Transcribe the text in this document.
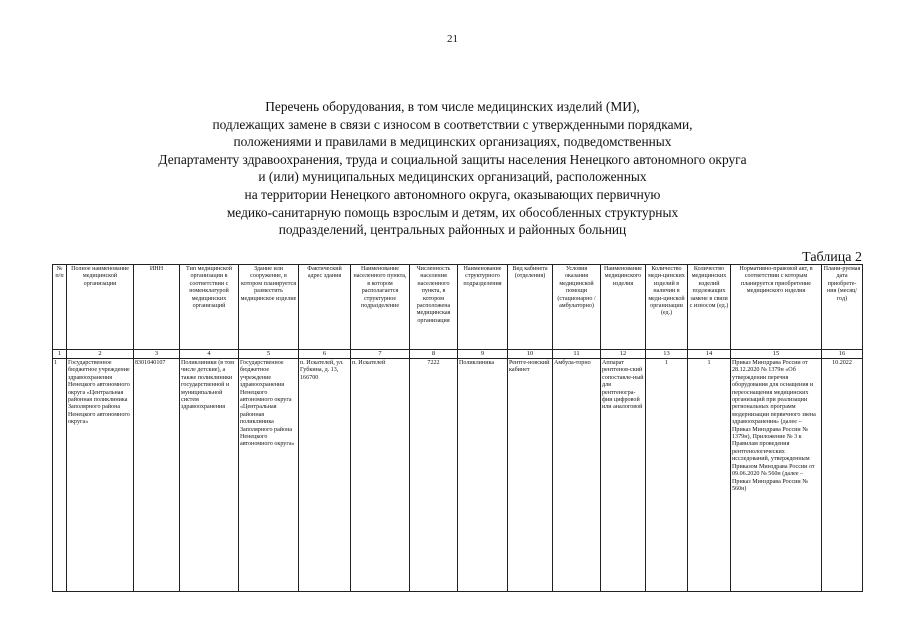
21
Перечень оборудования, в том числе медицинских изделий (МИ),
подлежащих замене в связи с износом в соответствии с утвержденными порядками,
положениями и правилами в медицинских организациях, подведомственных
Департаменту здравоохранения, труда и социальной защиты населения Ненецкого автономного округа
и (или) муниципальных медицинских организаций, расположенных
на территории Ненецкого автономного округа, оказывающих первичную
медико-санитарную помощь взрослым и детям, их обособленных структурных
подразделений, центральных районных и районных больниц
Таблица 2
№ п/п	Полное наименование медицинской организации	ИНН	Тип медицинской организации в соответствии с номенклатурой медицинских организаций	Здание или сооружение, в котором планируется разместить медицинское изделие	Фактический адрес здания	Наименование населенного пункта, в котором располагается структурное подразделение	Численность населения населенного пункта, в котором расположена медицинская организация	Наименование структурного подразделения	Вид кабинета (отделения)	Условия оказания медицинской помощи (стационарно / амбулаторно)	Наименование медицинского изделия	Количество меди-цинских изделий в наличии в меди-цинской организации (ед.)	Количество медицинских изделий подлежащих замене в связи с износом (ед.)	Нормативно-правовой акт, в соответствии с которым планируется приобретение медицинского изделия	Плани-руемая дата приобрете-ния (месяц/год)
1	2	3	4	5	6	7	8	9	10	11	12	13	14	15	16
1	Государственное бюджетное учреждение здравоохранения Ненецкого автономного округа «Центральная районная поликлиника Заполярного района Ненецкого автономного округа»	8301040107	Поликлиники (в том числе детские), а также поликлиники государственной и муниципальной систем здравоохранения	Государственное бюджетное учреждение здравоохранения Ненецкого автономного округа «Центральная районная поликлиника Заполярного района Ненецкого автономного округа»	п. Искателей, ул. Губкина, д. 13, 166700	п. Искателей	7222	Поликлиника	Рентге-новский кабинет	Амбула-торно	Аппарат рентгенов-ский сопоставле-ный для рентгеногра-фии цифровой или аналоговой	1	1	Приказ Минздрава России от 28.12.2020 № 1379н «Об утверждении перечня оборудования для оснащения и переоснащения медицинских организаций при реализации региональных программ модернизации первичного звена здравоохранения» (далее – Приказ Минздрава России № 1379н), Приложение № 3 к Правилам проведения рентгенологических исследований, утвержденным Приказом Минздрава России от 09.06.2020 № 560н (далее – Приказ Минздрава России № 560н)	10.2022
